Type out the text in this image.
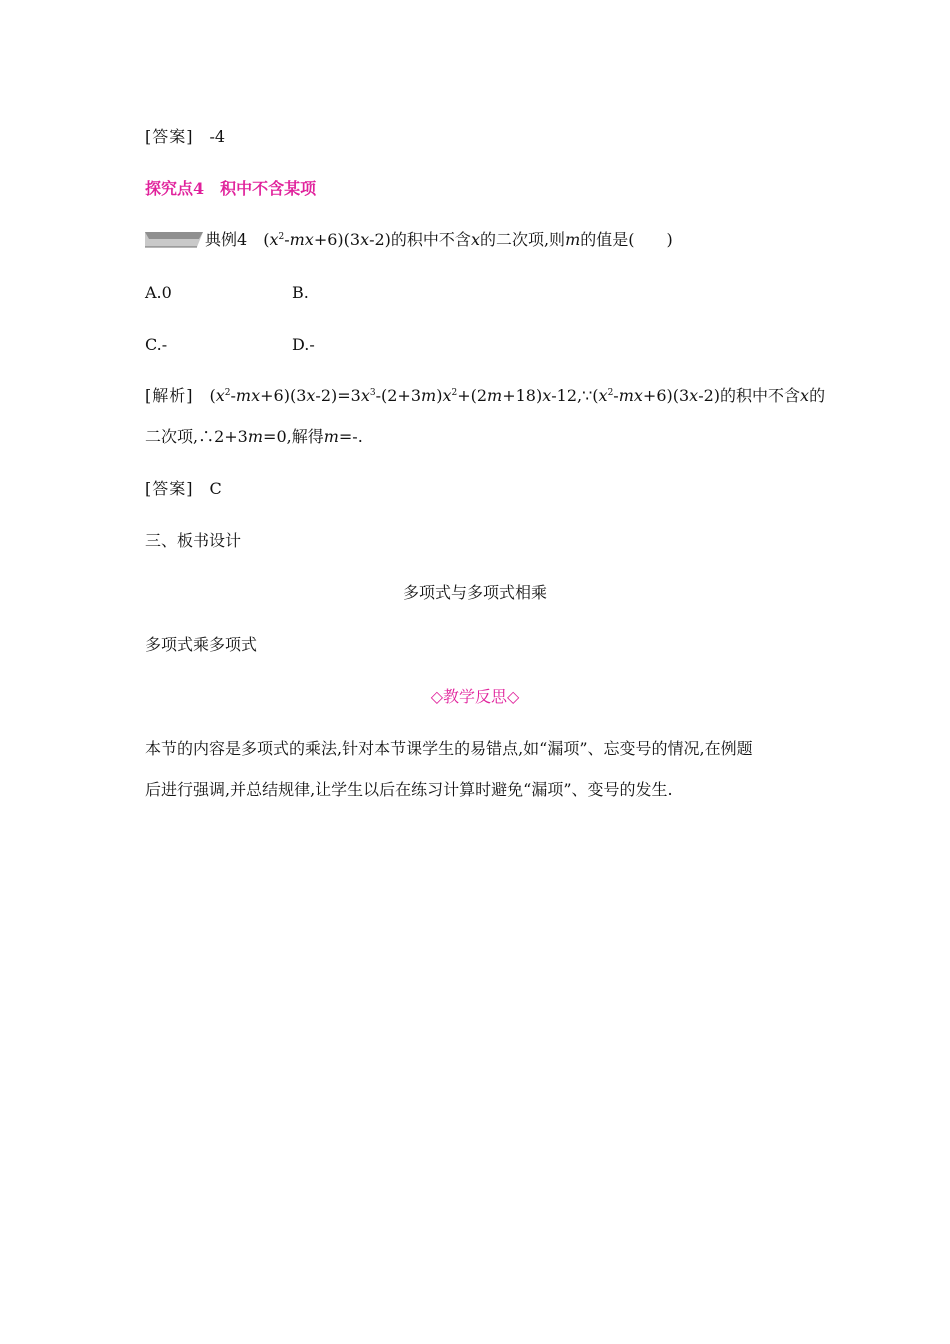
[答案] -4
探究点4　积中不含某项
典例4 $(x^2-mx+6)(3x-2)$的积中不含x的二次项,则m的值是(　　)
A.0	B.
C.-	D.-
[解析] $(x^2-mx+6)(3x-2)=3x^3-(2+3m)x^2+(2m+18)x-12,\because(x^2-mx+6)(3x-2)$的积中不含x的
二次项,∴2+3m=0,解得m=-.
[答案] C
三、板书设计
多项式与多项式相乘
多项式乘多项式
◇教学反思◇
本节的内容是多项式的乘法,针对本节课学生的易错点,如“漏项”、忘变号的情况,在例题
后进行强调,并总结规律,让学生以后在练习计算时避免“漏项”、变号的发生.
